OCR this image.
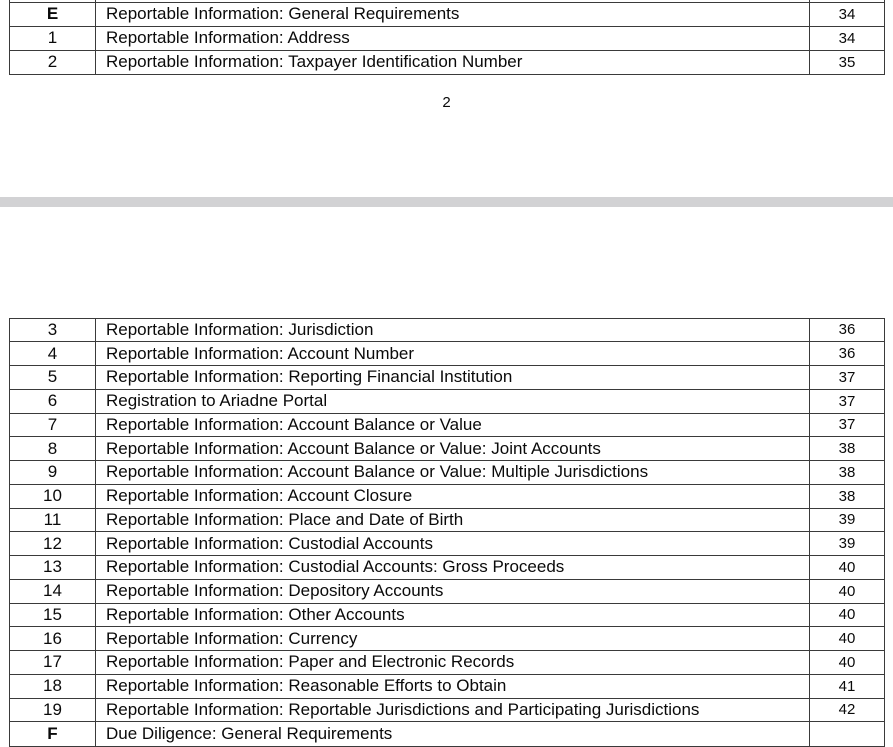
E	Reportable Information: General Requirements	34
1	Reportable Information: Address	34
2	Reportable Information: Taxpayer Identification Number	35
2
3	Reportable Information: Jurisdiction	36
4	Reportable Information: Account Number	36
5	Reportable Information: Reporting Financial Institution	37
6	Registration to Ariadne Portal	37
7	Reportable Information: Account Balance or Value	37
8	Reportable Information: Account Balance or Value: Joint Accounts	38
9	Reportable Information: Account Balance or Value: Multiple Jurisdictions	38
10	Reportable Information: Account Closure	38
11	Reportable Information: Place and Date of Birth	39
12	Reportable Information: Custodial Accounts	39
13	Reportable Information: Custodial Accounts: Gross Proceeds	40
14	Reportable Information: Depository Accounts	40
15	Reportable Information: Other Accounts	40
16	Reportable Information: Currency	40
17	Reportable Information: Paper and Electronic Records	40
18	Reportable Information: Reasonable Efforts to Obtain	41
19	Reportable Information: Reportable Jurisdictions and Participating Jurisdictions	42
F	Due Diligence: General Requirements
